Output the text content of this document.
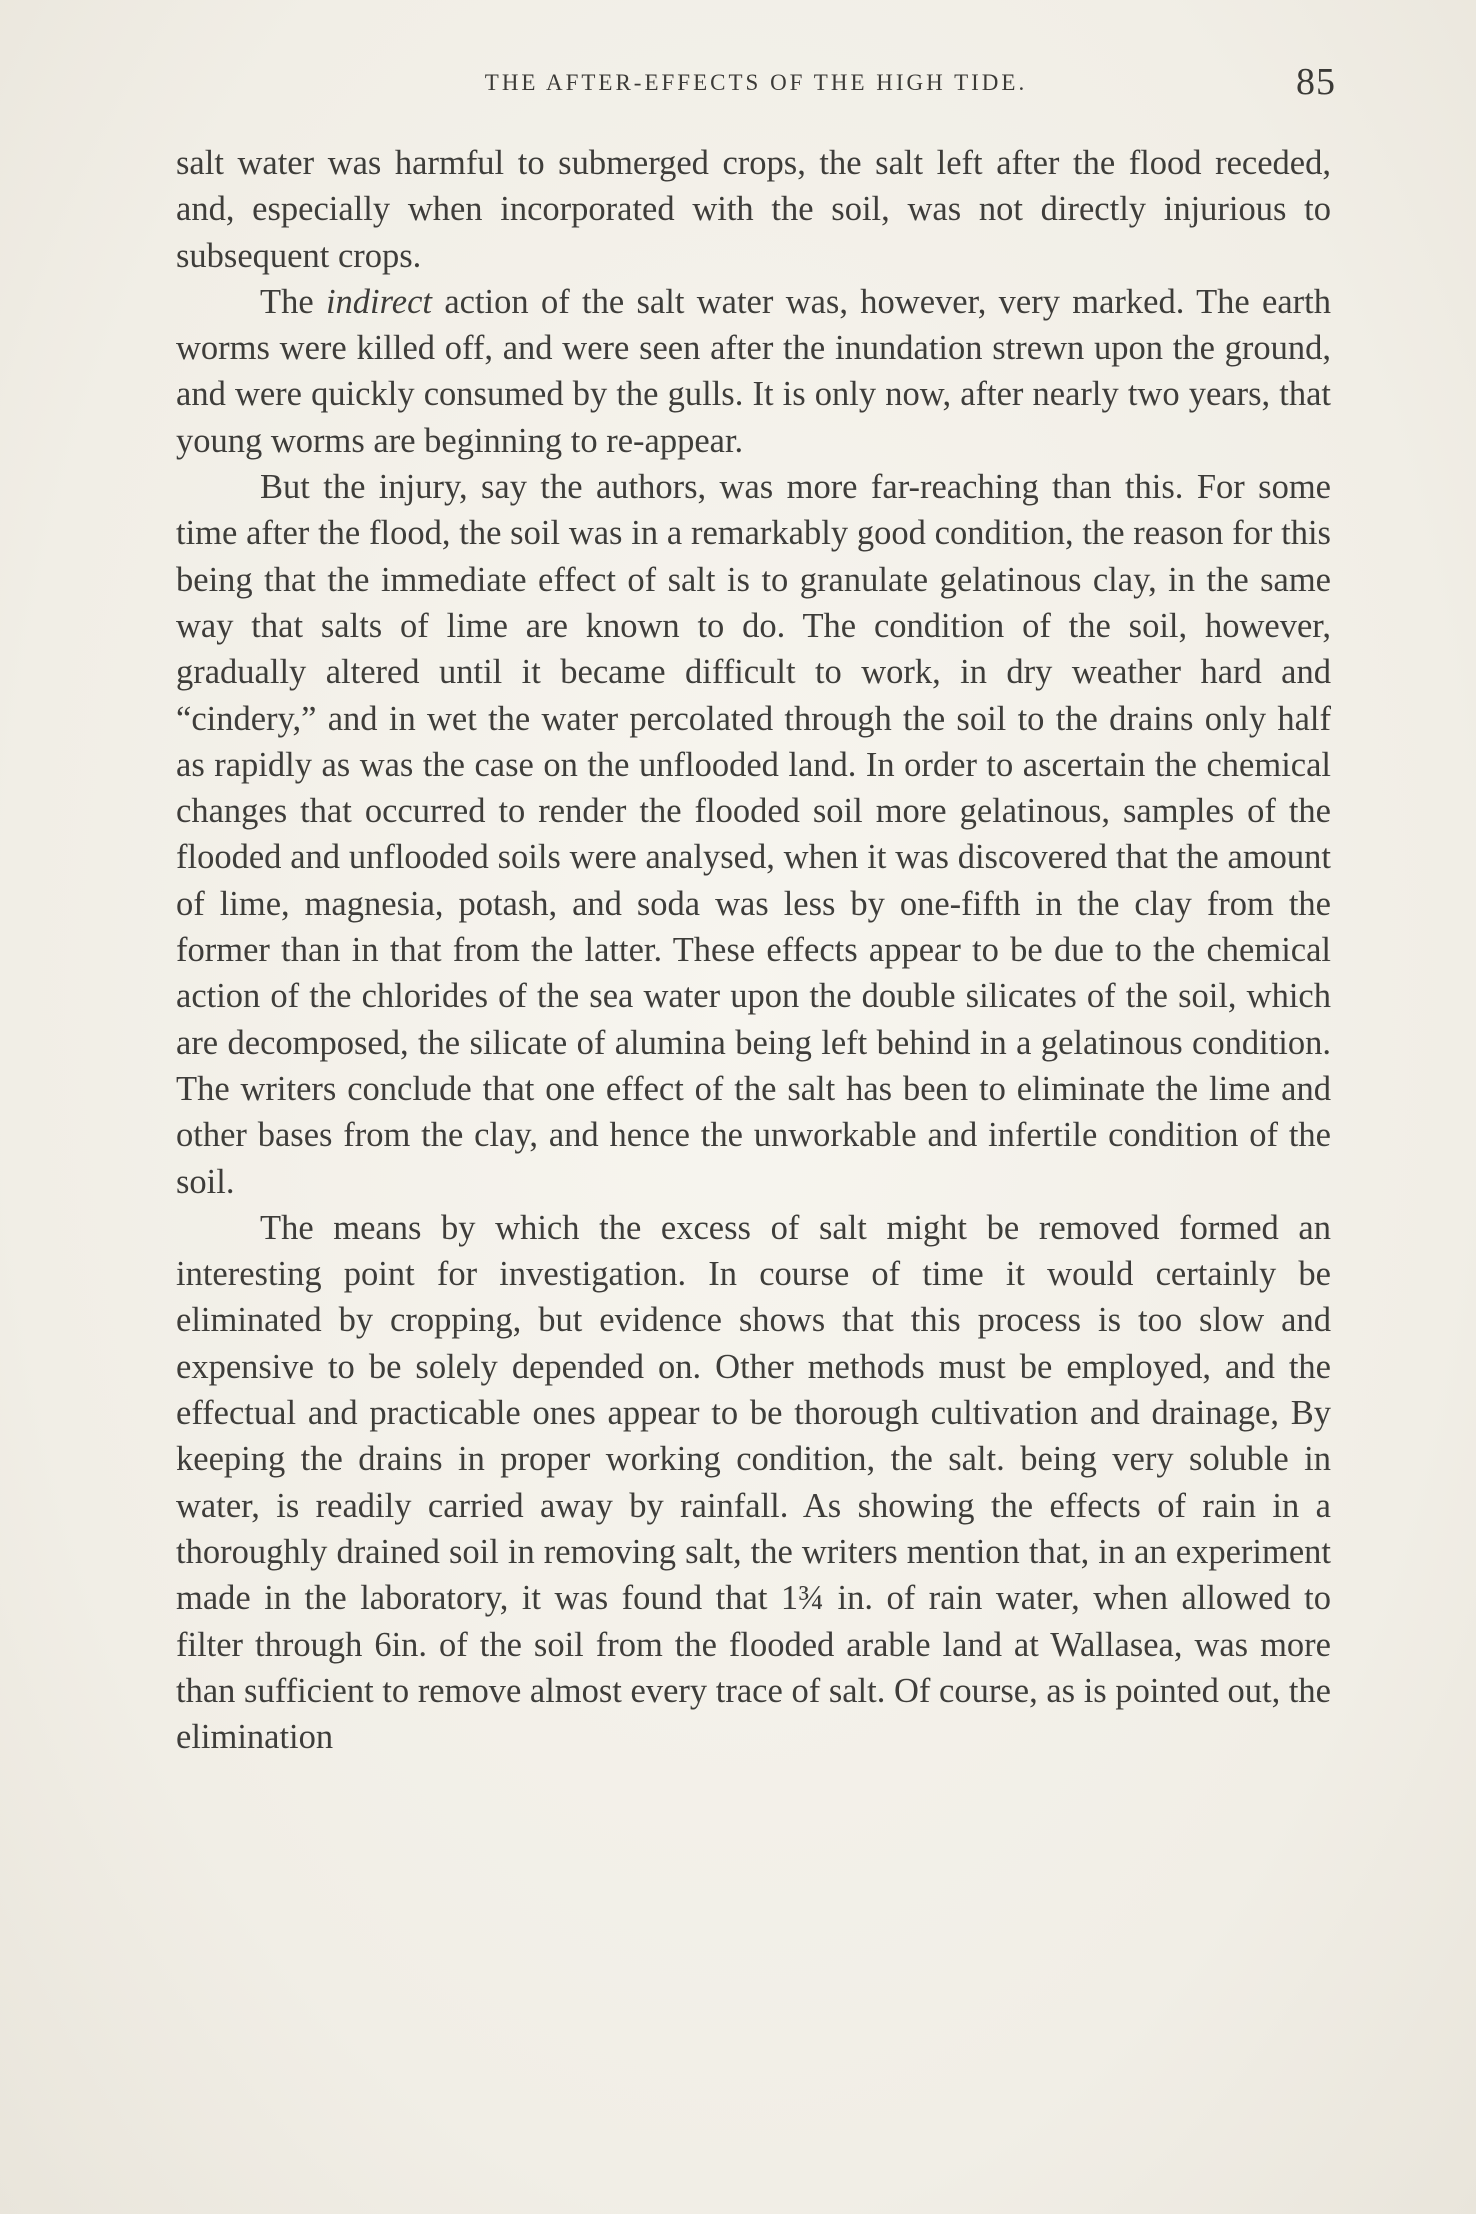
THE AFTER-EFFECTS OF THE HIGH TIDE.	85

salt water was harmful to submerged crops, the salt left after the flood receded, and, especially when incorporated with the soil, was not directly injurious to subsequent crops.

The indirect action of the salt water was, however, very marked. The earth worms were killed off, and were seen after the inundation strewn upon the ground, and were quickly consumed by the gulls. It is only now, after nearly two years, that young worms are beginning to re-appear.

But the injury, say the authors, was more far-reaching than this. For some time after the flood, the soil was in a remarkably good condition, the reason for this being that the immediate effect of salt is to granulate gelatinous clay, in the same way that salts of lime are known to do. The condition of the soil, however, gradually altered until it became difficult to work, in dry weather hard and “cindery,” and in wet the water percolated through the soil to the drains only half as rapidly as was the case on the unflooded land. In order to ascertain the chemical changes that occurred to render the flooded soil more gelatinous, samples of the flooded and unflooded soils were analysed, when it was discovered that the amount of lime, magnesia, potash, and soda was less by one-fifth in the clay from the former than in that from the latter. These effects appear to be due to the chemical action of the chlorides of the sea water upon the double silicates of the soil, which are decomposed, the silicate of alumina being left behind in a gelatinous condition. The writers conclude that one effect of the salt has been to eliminate the lime and other bases from the clay, and hence the unworkable and infertile condition of the soil.

The means by which the excess of salt might be removed formed an interesting point for investigation. In course of time it would certainly be eliminated by cropping, but evidence shows that this process is too slow and expensive to be solely depended on. Other methods must be employed, and the effectual and practicable ones appear to be thorough cultivation and drainage, By keeping the drains in proper working condition, the salt. being very soluble in water, is readily carried away by rainfall. As showing the effects of rain in a thoroughly drained soil in removing salt, the writers mention that, in an experiment made in the laboratory, it was found that 1¾ in. of rain water, when allowed to filter through 6in. of the soil from the flooded arable land at Wallasea, was more than sufficient to remove almost every trace of salt. Of course, as is pointed out, the elimination
